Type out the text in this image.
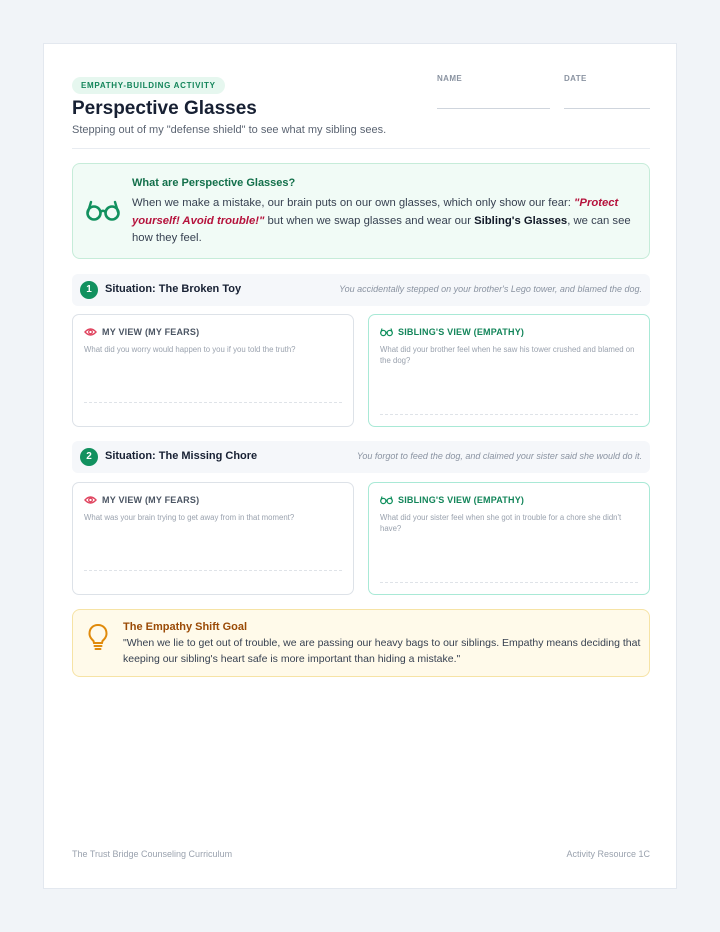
EMPATHY-BUILDING ACTIVITY
Perspective Glasses
Stepping out of my "defense shield" to see what my sibling sees.
NAME	DATE
What are Perspective Glasses?
When we make a mistake, our brain puts on our own glasses, which only show our fear: "Protect yourself! Avoid trouble!" but when we swap glasses and wear our Sibling's Glasses, we can see how they feel.
1	Situation: The Broken Toy	You accidentally stepped on your brother's Lego tower, and blamed the dog.
MY VIEW (MY FEARS)
What did you worry would happen to you if you told the truth?
SIBLING'S VIEW (EMPATHY)
What did your brother feel when he saw his tower crushed and blamed on the dog?
2	Situation: The Missing Chore	You forgot to feed the dog, and claimed your sister said she would do it.
MY VIEW (MY FEARS)
What was your brain trying to get away from in that moment?
SIBLING'S VIEW (EMPATHY)
What did your sister feel when she got in trouble for a chore she didn't have?
The Empathy Shift Goal
"When we lie to get out of trouble, we are passing our heavy bags to our siblings. Empathy means deciding that keeping our sibling's heart safe is more important than hiding a mistake."
The Trust Bridge Counseling Curriculum	Activity Resource 1C
